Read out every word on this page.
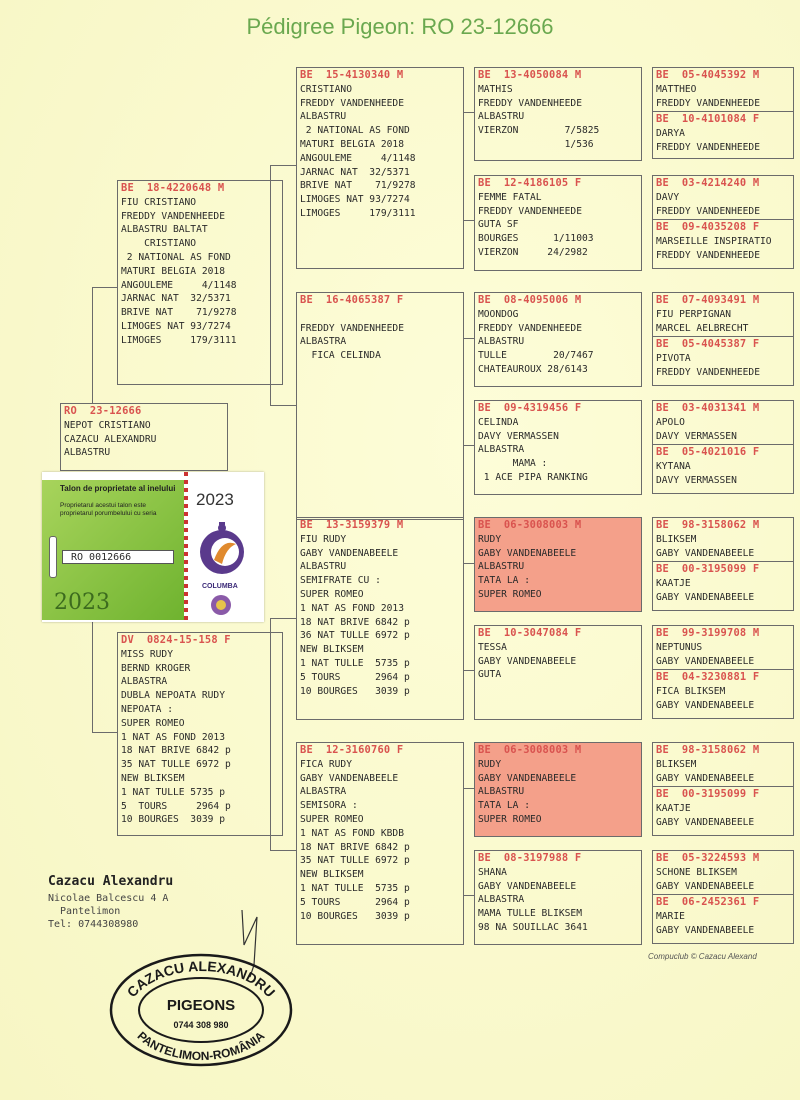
Pédigree Pigeon: RO 23-12666
RO  23-12666
NEPOT CRISTIANO
CAZACU ALEXANDRU
ALBASTRU
BE  18-4220648 M
FIU CRISTIANO
FREDDY VANDENHEEDE
ALBASTRU BALTAT
CRISTIANO
2 NATIONAL AS FOND
MATURI BELGIA 2018
ANGOULEME     4/1148
JARNAC NAT  32/5371
BRIVE NAT    71/9278
LIMOGES NAT 93/7274
LIMOGES     179/3111
DV  0824-15-158 F
MISS RUDY
BERND KROGER
ALBASTRA
DUBLA NEPOATA RUDY
NEPOATA :
SUPER ROMEO
1 NAT AS FOND 2013
18 NAT BRIVE 6842 p
35 NAT TULLE 6972 p
NEW BLIKSEM
1 NAT TULLE 5735 p
5  TOURS     2964 p
10 BOURGES  3039 p
BE  15-4130340 M
CRISTIANO
FREDDY VANDENHEEDE
ALBASTRU
2 NATIONAL AS FOND
MATURI BELGIA 2018
ANGOULEME     4/1148
JARNAC NAT  32/5371
BRIVE NAT    71/9278
LIMOGES NAT 93/7274
LIMOGES     179/3111
BE  16-4065387 F
FREDDY VANDENHEEDE
ALBASTRA
FICA CELINDA
BE  13-3159379 M
FIU RUDY
GABY VANDENABEELE
ALBASTRU
SEMIFRATE CU :
SUPER ROMEO
1 NAT AS FOND 2013
18 NAT BRIVE 6842 p
36 NAT TULLE 6972 p
NEW BLIKSEM
1 NAT TULLE  5735 p
5 TOURS      2964 p
10 BOURGES   3039 p
BE  12-3160760 F
FICA RUDY
GABY VANDENABEELE
ALBASTRA
SEMISORA :
SUPER ROMEO
1 NAT AS FOND KBDB
18 NAT BRIVE 6842 p
35 NAT TULLE 6972 p
NEW BLIKSEM
1 NAT TULLE  5735 p
5 TOURS      2964 p
10 BOURGES   3039 p
BE  13-4050084 M
MATHIS
FREDDY VANDENHEEDE
ALBASTRU
VIERZON        7/5825
1/536
BE  12-4186105 F
FEMME FATAL
FREDDY VANDENHEEDE
GUTA SF
BOURGES      1/11003
VIERZON     24/2982
BE  08-4095006 M
MOONDOG
FREDDY VANDENHEEDE
ALBASTRU
TULLE        20/7467
CHATEAUROUX 28/6143
BE  09-4319456 F
CELINDA
DAVY VERMASSEN
ALBASTRA
MAMA :
1 ACE PIPA RANKING
BE  06-3008003 M
RUDY
GABY VANDENABEELE
ALBASTRU
TATA LA :
SUPER ROMEO
BE  10-3047084 F
TESSA
GABY VANDENABEELE
GUTA
BE  06-3008003 M
RUDY
GABY VANDENABEELE
ALBASTRU
TATA LA :
SUPER ROMEO
BE  08-3197988 F
SHANA
GABY VANDENABEELE
ALBASTRA
MAMA TULLE BLIKSEM
98 NA SOUILLAC 3641
BE  05-4045392 M
MATTHEO
FREDDY VANDENHEEDE
BE  10-4101084 F
DARYA
FREDDY VANDENHEEDE
BE  03-4214240 M
DAVY
FREDDY VANDENHEEDE
BE  09-4035208 F
MARSEILLE INSPIRATIO
FREDDY VANDENHEEDE
BE  07-4093491 M
FIU PERPIGNAN
MARCEL AELBRECHT
BE  05-4045387 F
PIVOTA
FREDDY VANDENHEEDE
BE  03-4031341 M
APOLO
DAVY VERMASSEN
BE  05-4021016 F
KYTANA
DAVY VERMASSEN
BE  98-3158062 M
BLIKSEM
GABY VANDENABEELE
BE  00-3195099 F
KAATJE
GABY VANDENABEELE
BE  99-3199708 M
NEPTUNUS
GABY VANDENABEELE
BE  04-3230881 F
FICA BLIKSEM
GABY VANDENABEELE
BE  98-3158062 M
BLIKSEM
GABY VANDENABEELE
BE  00-3195099 F
KAATJE
GABY VANDENABEELE
BE  05-3224593 M
SCHONE BLIKSEM
GABY VANDENABEELE
BE  06-2452361 F
MARIE
GABY VANDENABEELE
Cazacu Alexandru
Nicolae Balcescu 4 A
Pantelimon
Tel: 0744308980
Compuclub © Cazacu Alexand
Talon de proprietate al inelului
Proprietarul acestui talon este proprietarul porumbelului cu seria
RO 0012666
2023
2023
COLUMBA
CAZACU ALEXANDRU
PIGEONS
0744 308 980
PANTELIMON-ROMÂNIA
